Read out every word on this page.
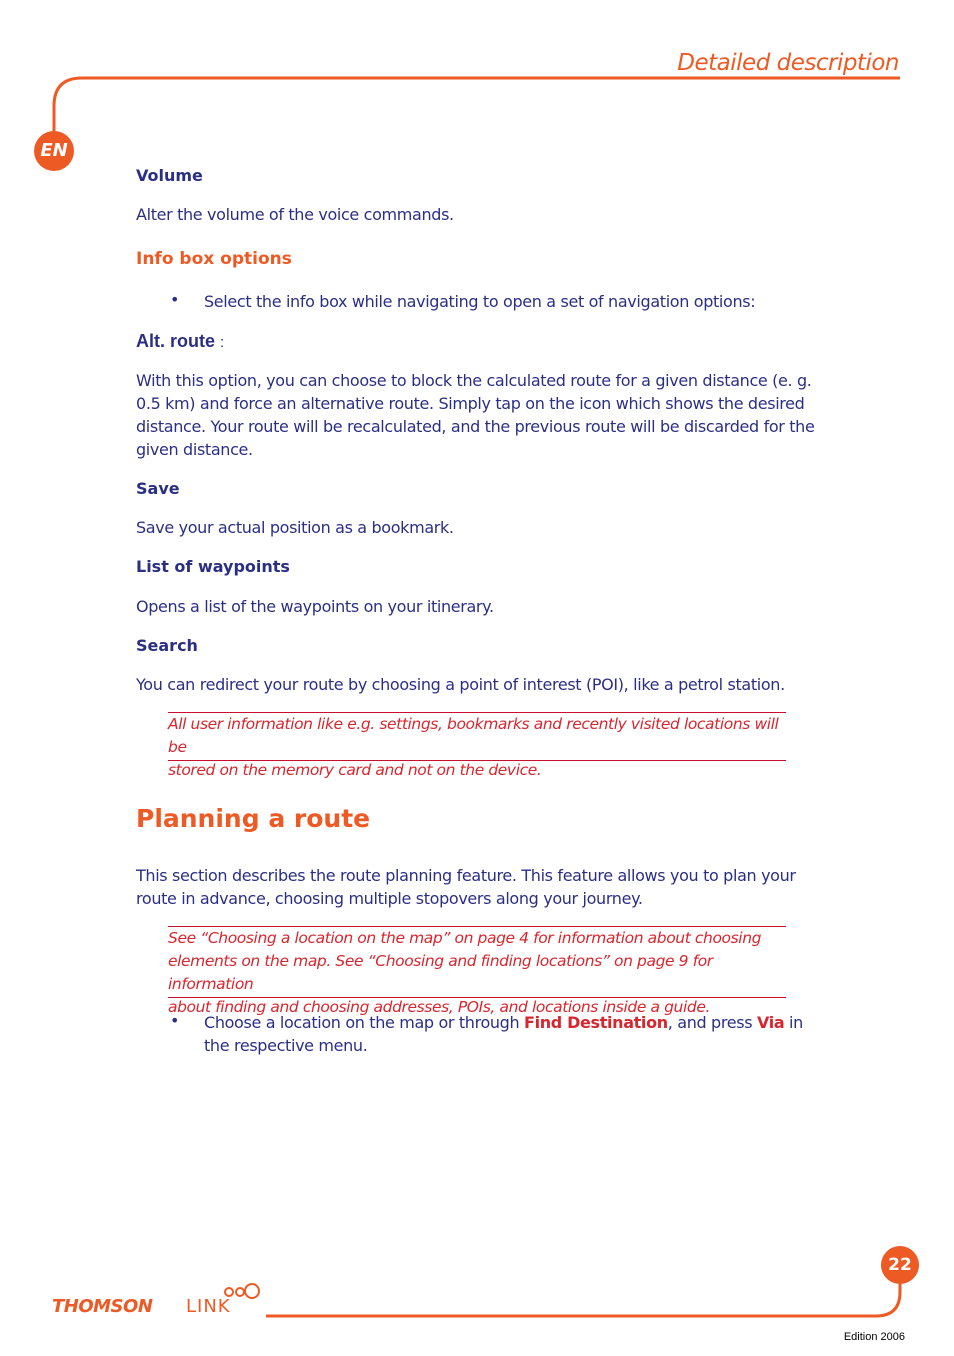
Detailed description
EN
Volume
Alter the volume of the voice commands.
Info box options
• Select the info box while navigating to open a set of navigation options:
Alt. route :
With this option, you can choose to block the calculated route for a given distance (e. g.
0.5 km) and force an alternative route. Simply tap on the icon which shows the desired
distance. Your route will be recalculated, and the previous route will be discarded for the
given distance.
Save
Save your actual position as a bookmark.
List of waypoints
Opens a list of the waypoints on your itinerary.
Search
You can redirect your route by choosing a point of interest (POI), like a petrol station.
All user information like e.g. settings, bookmarks and recently visited locations will be
stored on the memory card and not on the device.
Planning a route
This section describes the route planning feature. This feature allows you to plan your
route in advance, choosing multiple stopovers along your journey.
See “Choosing a location on the map” on page 4 for information about choosing
elements on the map. See “Choosing and finding locations” on page 9 for information
about finding and choosing addresses, POIs, and locations inside a guide.
• Choose a location on the map or through Find Destination, and press Via in
the respective menu.
22
THOMSON LINK
Edition 2006
